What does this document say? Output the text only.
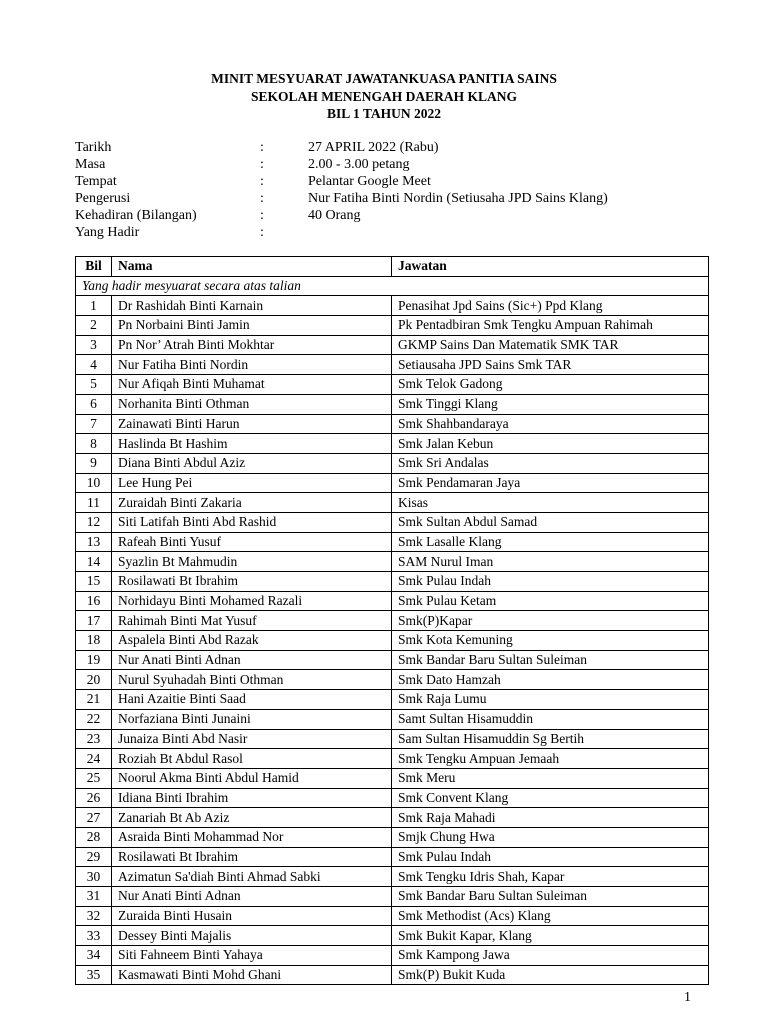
MINIT MESYUARAT JAWATANKUASA PANITIA SAINS
SEKOLAH MENENGAH DAERAH KLANG
BIL 1 TAHUN 2022
Tarikh	:	27 APRIL 2022 (Rabu)
Masa	:	2.00 - 3.00 petang
Tempat	:	Pelantar Google Meet
Pengerusi	:	Nur Fatiha Binti Nordin (Setiusaha JPD Sains Klang)
Kehadiran (Bilangan)	:	40 Orang
Yang Hadir	:
Bil	Nama	Jawatan
Yang hadir mesyuarat secara atas talian		
1	Dr Rashidah Binti Karnain	Penasihat Jpd Sains (Sic+) Ppd Klang
2	Pn Norbaini Binti Jamin	Pk Pentadbiran Smk Tengku Ampuan Rahimah
3	Pn Nor’ Atrah Binti Mokhtar	GKMP Sains Dan Matematik SMK TAR
4	Nur Fatiha Binti Nordin	Setiausaha JPD Sains Smk TAR
5	Nur Afiqah Binti Muhamat	Smk Telok Gadong
6	Norhanita Binti Othman	Smk Tinggi Klang
7	Zainawati Binti Harun	Smk Shahbandaraya
8	Haslinda Bt Hashim	Smk Jalan Kebun
9	Diana Binti Abdul Aziz	Smk Sri Andalas
10	Lee Hung Pei	Smk Pendamaran Jaya
11	Zuraidah Binti Zakaria	Kisas
12	Siti Latifah Binti Abd Rashid	Smk Sultan Abdul Samad
13	Rafeah Binti Yusuf	Smk Lasalle Klang
14	Syazlin Bt Mahmudin	SAM Nurul Iman
15	Rosilawati Bt Ibrahim	Smk Pulau Indah
16	Norhidayu Binti Mohamed Razali	Smk Pulau Ketam
17	Rahimah Binti Mat Yusuf	Smk(P)Kapar
18	Aspalela Binti Abd Razak	Smk Kota Kemuning
19	Nur Anati Binti Adnan	Smk Bandar Baru Sultan Suleiman
20	Nurul Syuhadah Binti Othman	Smk Dato Hamzah
21	Hani Azaitie Binti Saad	Smk Raja Lumu
22	Norfaziana Binti Junaini	Samt Sultan Hisamuddin
23	Junaiza Binti Abd Nasir	Sam Sultan Hisamuddin Sg Bertih
24	Roziah Bt Abdul Rasol	Smk Tengku Ampuan Jemaah
25	Noorul Akma Binti Abdul Hamid	Smk Meru
26	Idiana Binti Ibrahim	Smk Convent Klang
27	Zanariah Bt Ab Aziz	Smk Raja Mahadi
28	Asraida Binti Mohammad Nor	Smjk Chung Hwa
29	Rosilawati Bt Ibrahim	Smk Pulau Indah
30	Azimatun Sa'diah Binti Ahmad Sabki	Smk Tengku Idris Shah, Kapar
31	Nur Anati Binti Adnan	Smk Bandar Baru Sultan Suleiman
32	Zuraida Binti Husain	Smk Methodist (Acs) Klang
33	Dessey Binti Majalis	Smk Bukit Kapar, Klang
34	Siti Fahneem Binti Yahaya	Smk Kampong Jawa
35	Kasmawati Binti Mohd Ghani	Smk(P) Bukit Kuda
1
